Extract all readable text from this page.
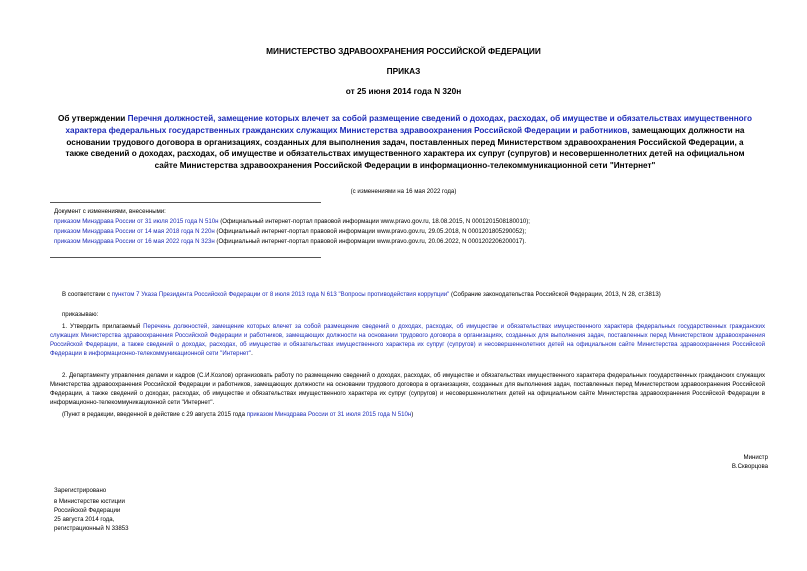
МИНИСТЕРСТВО ЗДРАВООХРАНЕНИЯ РОССИЙСКОЙ ФЕДЕРАЦИИ
ПРИКАЗ
от 25 июня 2014 года N 320н
Об утверждении Перечня должностей, замещение которых влечет за собой размещение сведений о доходах, расходах, об имуществе и обязательствах имущественного характера федеральных государственных гражданских служащих Министерства здравоохранения Российской Федерации и работников, замещающих должности на основании трудового договора в организациях, созданных для выполнения задач, поставленных перед Министерством здравоохранения Российской Федерации, а также сведений о доходах, расходах, об имуществе и обязательствах имущественного характера их супруг (супругов) и несовершеннолетних детей на официальном сайте Министерства здравоохранения Российской Федерации в информационно-телекоммуникационной сети "Интернет"
(с изменениями на 16 мая 2022 года)
Документ с изменениями, внесенными:
приказом Минздрава России от 31 июля 2015 года N 510н (Официальный интернет-портал правовой информации www.pravo.gov.ru, 18.08.2015, N 0001201508180010);
приказом Минздрава России от 14 мая 2018 года N 220н (Официальный интернет-портал правовой информации www.pravo.gov.ru, 29.05.2018, N 0001201805290052);
приказом Минздрава России от 16 мая 2022 года N 323н (Официальный интернет-портал правовой информации www.pravo.gov.ru, 20.06.2022, N 0001202206200017).
В соответствии с пунктом 7 Указа Президента Российской Федерации от 8 июля 2013 года N 613 "Вопросы противодействия коррупции" (Собрание законодательства Российской Федерации, 2013, N 28, ст.3813)
приказываю:
1. Утвердить прилагаемый Перечень должностей, замещение которых влечет за собой размещение сведений о доходах, расходах, об имуществе и обязательствах имущественного характера федеральных государственных гражданских служащих Министерства здравоохранения Российской Федерации и работников, замещающих должности на основании трудового договора в организациях, созданных для выполнения задач, поставленных перед Министерством здравоохранения Российской Федерации, а также сведений о доходах, расходах, об имуществе и обязательствах имущественного характера их супруг (супругов) и несовершеннолетних детей на официальном сайте Министерства здравоохранения Российской Федерации в информационно-телекоммуникационной сети "Интернет".
2. Департаменту управления делами и кадров (С.И.Козлов) организовать работу по размещению сведений о доходах, расходах, об имуществе и обязательствах имущественного характера федеральных государственных гражданских служащих Министерства здравоохранения Российской Федерации и работников, замещающих должности на основании трудового договора в организациях, созданных для выполнения задач, поставленных перед Министерством здравоохранения Российской Федерации, а также сведений о доходах, расходах, об имуществе и обязательствах имущественного характера их супруг (супругов) и несовершеннолетних детей на официальном сайте Министерства здравоохранения Российской Федерации в информационно-телекоммуникационной сети "Интернет".
(Пункт в редакции, введенной в действие с 29 августа 2015 года приказом Минздрава России от 31 июля 2015 года N 510н)
Министр
В.Скворцова
Зарегистрировано
в Министерстве юстиции
Российской Федерации
25 августа 2014 года,
регистрационный N 33853
